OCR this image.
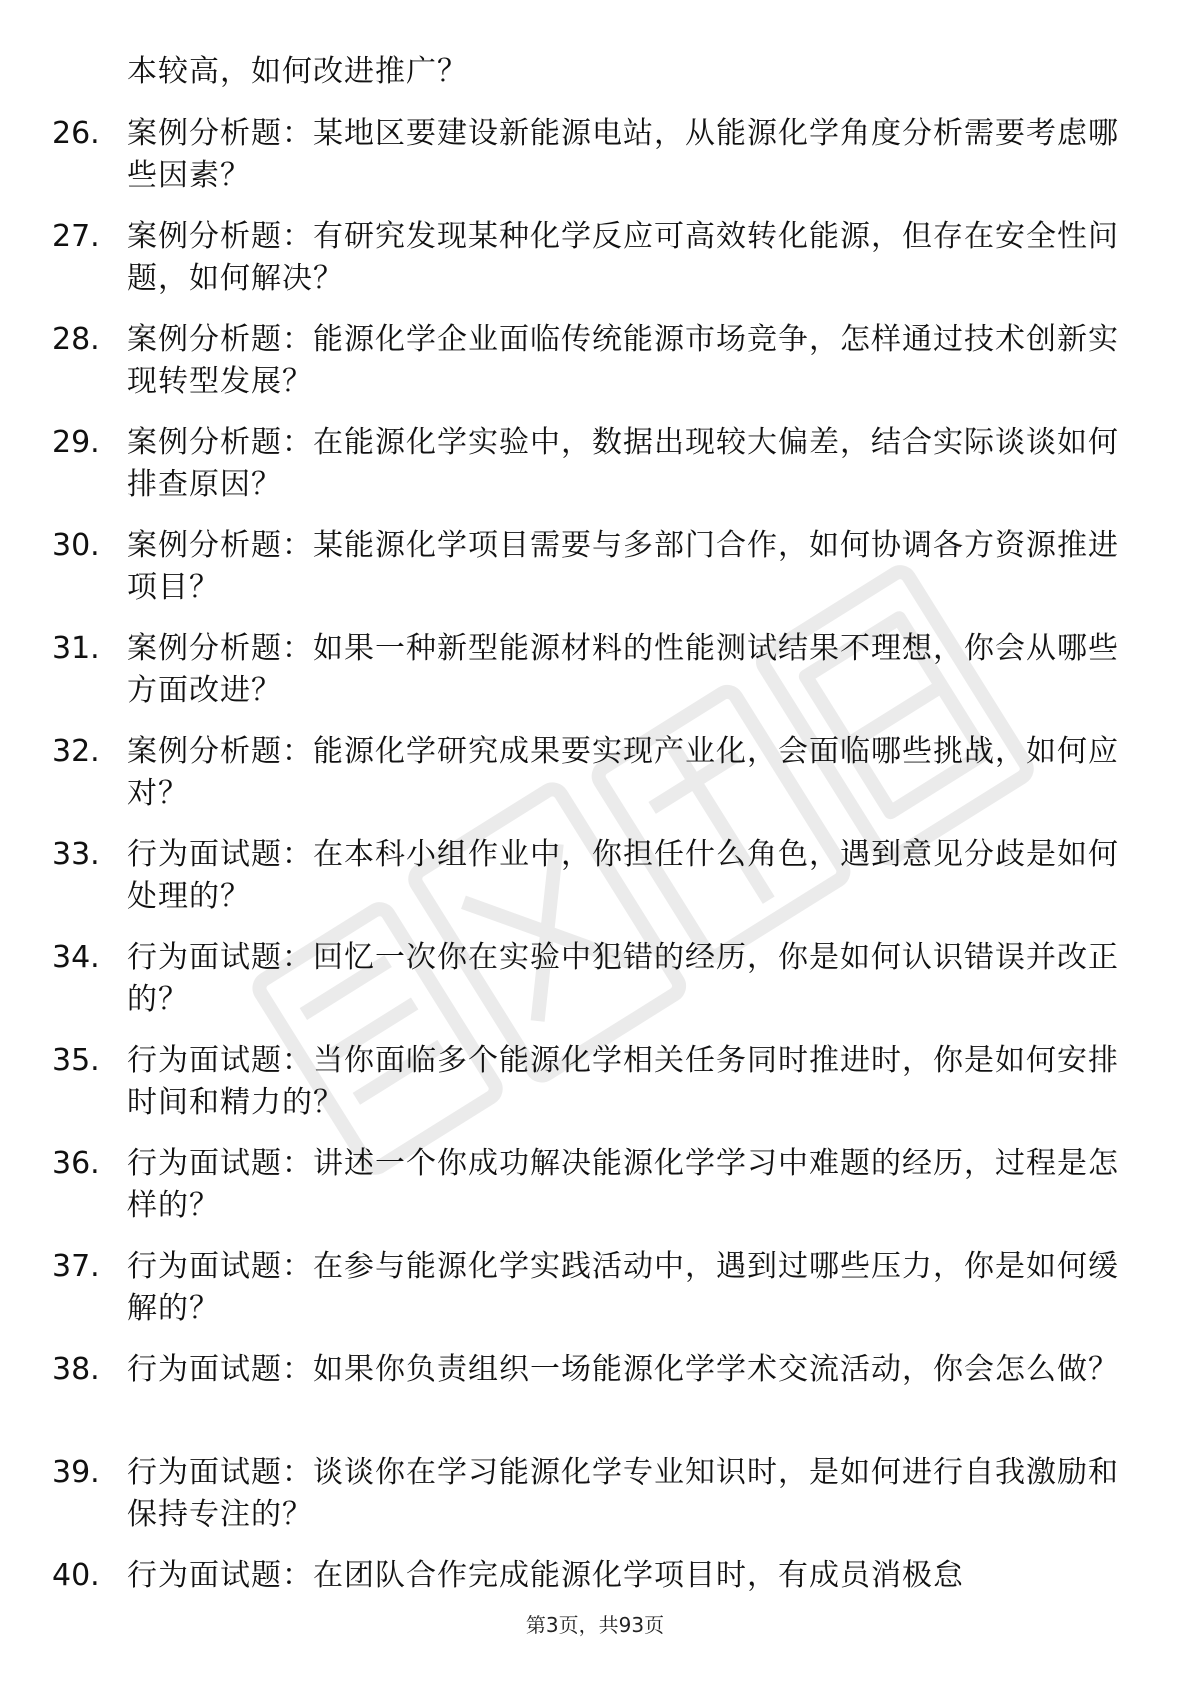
本较高，如何改进推广？
26. 案例分析题：某地区要建设新能源电站，从能源化学角度分析需要考虑哪些因素？
27. 案例分析题：有研究发现某种化学反应可高效转化能源，但存在安全性问题，如何解决？
28. 案例分析题：能源化学企业面临传统能源市场竞争，怎样通过技术创新实现转型发展？
29. 案例分析题：在能源化学实验中，数据出现较大偏差，结合实际谈谈如何排查原因？
30. 案例分析题：某能源化学项目需要与多部门合作，如何协调各方资源推进项目？
31. 案例分析题：如果一种新型能源材料的性能测试结果不理想，你会从哪些方面改进？
32. 案例分析题：能源化学研究成果要实现产业化，会面临哪些挑战，如何应对？
33. 行为面试题：在本科小组作业中，你担任什么角色，遇到意见分歧是如何处理的？
34. 行为面试题：回忆一次你在实验中犯错的经历，你是如何认识错误并改正的？
35. 行为面试题：当你面临多个能源化学相关任务同时推进时，你是如何安排时间和精力的？
36. 行为面试题：讲述一个你成功解决能源化学学习中难题的经历，过程是怎样的？
37. 行为面试题：在参与能源化学实践活动中，遇到过哪些压力，你是如何缓解的？
38. 行为面试题：如果你负责组织一场能源化学学术交流活动，你会怎么做？
39. 行为面试题：谈谈你在学习能源化学专业知识时，是如何进行自我激励和保持专注的？
40. 行为面试题：在团队合作完成能源化学项目时，有成员消极怠
第3页，共93页
